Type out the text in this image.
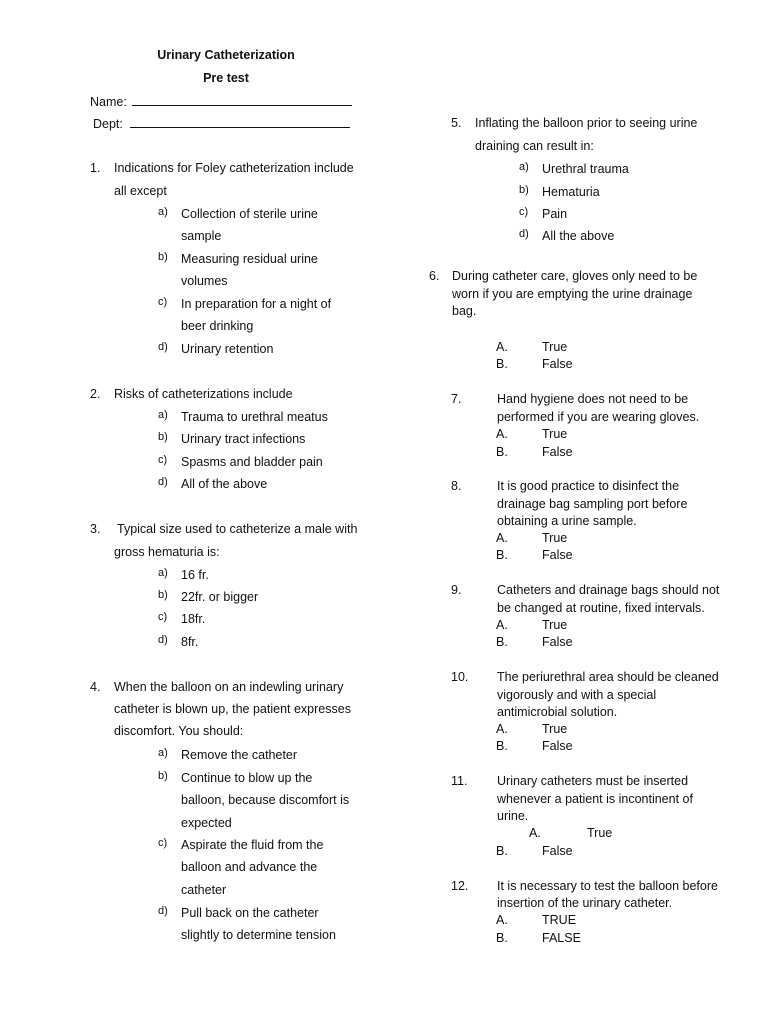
Urinary Catheterization
Pre test
Name:
Dept:
1. Indications for Foley catheterization include
all except
a)	Collection of sterile urine
sample
b)	Measuring residual urine
volumes
c)	In preparation for a night of
beer drinking
d)	Urinary retention
2. Risks of catheterizations include
a)	Trauma to urethral meatus
b)	Urinary tract infections
c)	Spasms and bladder pain
d)	All of the above
3. Typical size used to catheterize a male with
gross hematuria is:
a)	16 fr.
b)	22fr. or bigger
c)	18fr.
d)	8fr.
4. When the balloon on an indewling urinary
catheter is blown up, the patient expresses
discomfort. You should:
a)	Remove the catheter
b)	Continue to blow up the
balloon, because discomfort is
expected
c)	Aspirate the fluid from the
balloon and advance the
catheter
d)	Pull back on the catheter
slightly to determine tension
5. Inflating the balloon prior to seeing urine
draining can result in:
a)	Urethral trauma
b)	Hematuria
c)	Pain
d)	All the above
6. During catheter care, gloves only need to be
worn if you are emptying the urine drainage
bag.
A.	True
B.	False
7.	Hand hygiene does not need to be
performed if you are wearing gloves.
A.	True
B.	False
8.	It is good practice to disinfect the
drainage bag sampling port before
obtaining a urine sample.
A.	True
B.	False
9.	Catheters and drainage bags should not
be changed at routine, fixed intervals.
A.	True
B.	False
10. The periurethral area should be cleaned
vigorously and with a special
antimicrobial solution.
A.	True
B.	False
11. Urinary catheters must be inserted
whenever a patient is incontinent of
urine.
A.	True
B.	False
12. It is necessary to test the balloon before
insertion of the urinary catheter.
A.	TRUE
B.	FALSE
